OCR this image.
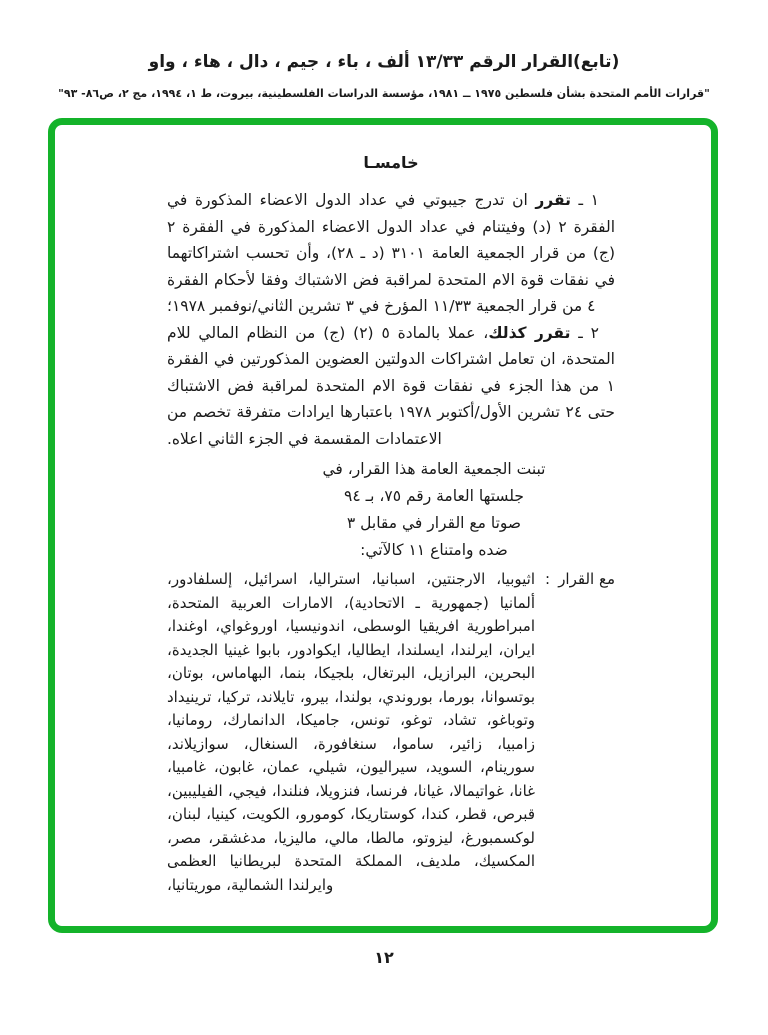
(تابع)القرار الرقم ١٣/٣٣ ألف ، باء ، جيم ، دال ، هاء ، واو
"قرارات الأمم المتحدة بشأن فلسطين ١٩٧٥ ــ ١٩٨١، مؤسسة الدراسات الفلسطينية، بيروت، ط ١، ١٩٩٤، مج ٢، ص٨٦- ٩٣"
خامسـا

١ ـ تقرر ان تدرج جيبوتي في عداد الدول الاعضاء المذكورة في الفقرة ٢ (د) وفيتنام في عداد الدول الاعضاء المذكورة في الفقرة ٢ (ج) من قرار الجمعية العامة ٣١٠١ (د ـ ٢٨)، وأن تحسب اشتراكاتهما في نفقات قوة الام المتحدة لمراقبة فض الاشتباك وفقا لأحكام الفقرة ٤ من قرار الجمعية ١١/٣٣ المؤرخ في ٣ تشرين الثاني/نوفمبر ١٩٧٨؛

٢ ـ تقرر كذلك، عملا بالمادة ٥ (٢) (ج) من النظام المالي للام المتحدة، ان تعامل اشتراكات الدولتين العضوين المذكورتين في الفقرة ١ من هذا الجزء في نفقات قوة الام المتحدة لمراقبة فض الاشتباك حتى ٢٤ تشرين الأول/أكتوبر ١٩٧٨ باعتبارها ايرادات متفرقة تخصم من الاعتمادات المقسمة في الجزء الثاني اعلاه.

تبنت الجمعية العامة هذا القرار، في
جلستها العامة رقم ٧٥، بـ ٩٤
صوتا مع القرار في مقابل ٣
ضده وامتناع ١١ كالآتي:
مع القرار
:
اثيوبيا، الارجنتين، اسبانيا، استراليا، اسرائيل، إلسلفادور، ألمانيا (جمهورية ـ الاتحادية)، الامارات العربية المتحدة، امبراطورية افريقيا الوسطى، اندونيسيا، اوروغواي، اوغندا، ايران، ايرلندا، ايسلندا، ايطاليا، ايكوادور، بابوا غينيا الجديدة، البحرين، البرازيل، البرتغال، بلجيكا، بنما، البهاماس، بوتان، بوتسوانا، بورما، بوروندي، بولندا، بيرو، تايلاند، تركيا، ترينيداد وتوباغو، تشاد، توغو، تونس، جاميكا، الدانمارك، رومانيا، زامبيا، زائير، ساموا، سنغافورة، السنغال، سوازيلاند، سورينام، السويد، سيراليون، شيلي، عمان، غابون، غامبيا، غانا، غواتيمالا، غيانا، فرنسا، فنزويلا، فنلندا، فيجي، الفيليبين، قبرص، قطر، كندا، كوستاريكا، كومورو، الكويت، كينيا، لبنان، لوكسمبورغ، ليزوتو، مالطا، مالي، ماليزيا، مدغشقر، مصر، المكسيك، ملديف، المملكة المتحدة لبريطانيا العظمى وايرلندا الشمالية، موريتانيا،
١٢
